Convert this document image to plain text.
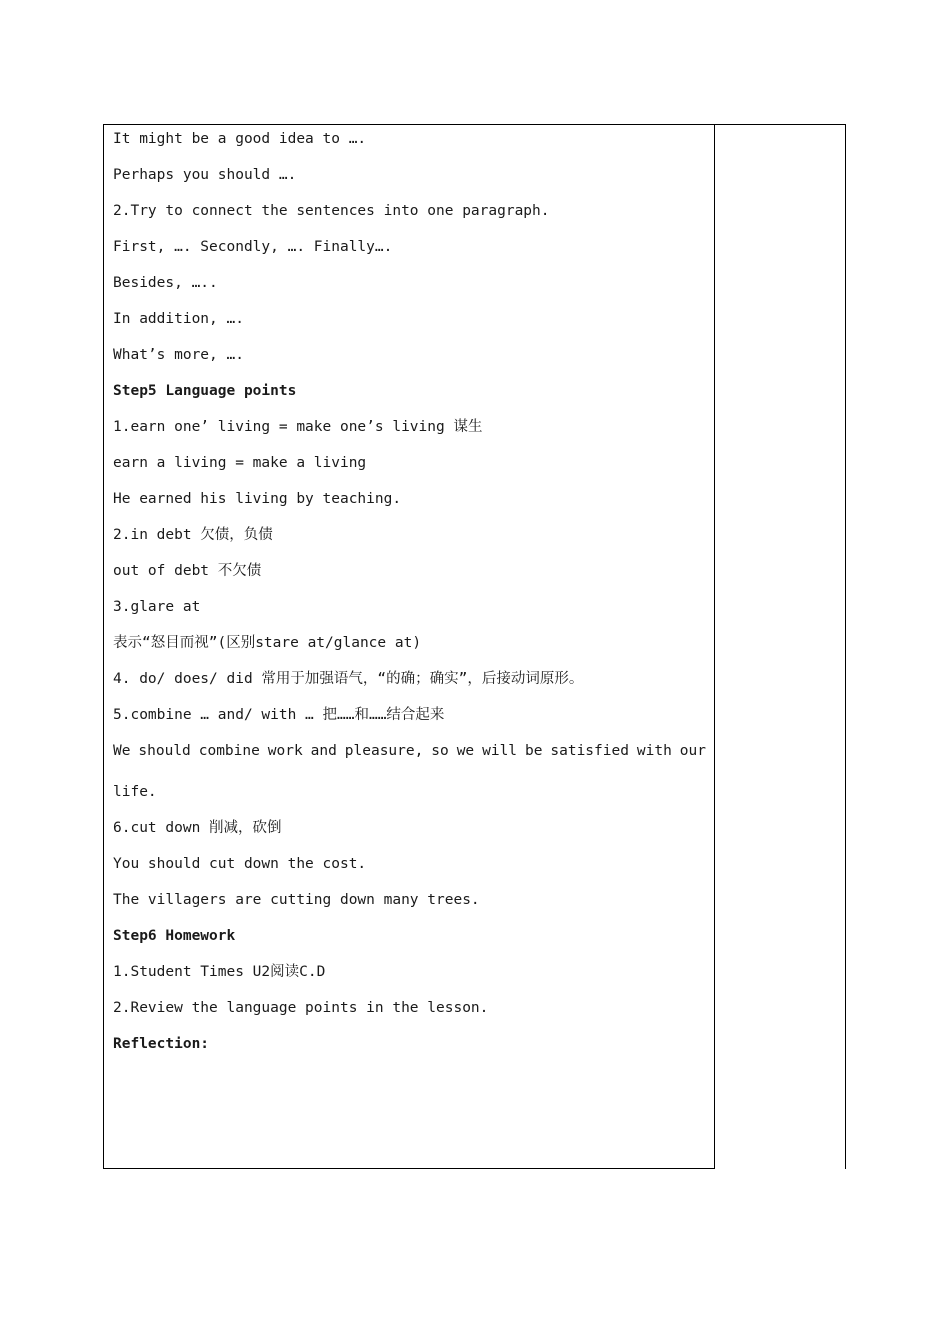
It might be a good idea to ….
Perhaps you should ….
2.Try to connect the sentences into one paragraph.
First, …. Secondly, …. Finally….
Besides, …..
In addition, ….
What’s more, ….
Step5 Language points
1.earn one’ living = make one’s living 谋生
earn a living = make a living
He earned his living by teaching.
2.in debt 欠债，负债
out of debt 不欠债
3.glare at
表示“怒目而视”(区别stare at/glance at)
4. do/ does/ did 常用于加强语气，“的确；确实”，后接动词原形。
5.combine … and/ with … 把……和……结合起来
We should combine work and pleasure, so we will be satisfied with our
life.
6.cut down 削减，砍倒
You should cut down the cost.
The villagers are cutting down many trees.
Step6 Homework
1.Student Times U2阅读C.D
2.Review the language points in the lesson.
Reflection:
